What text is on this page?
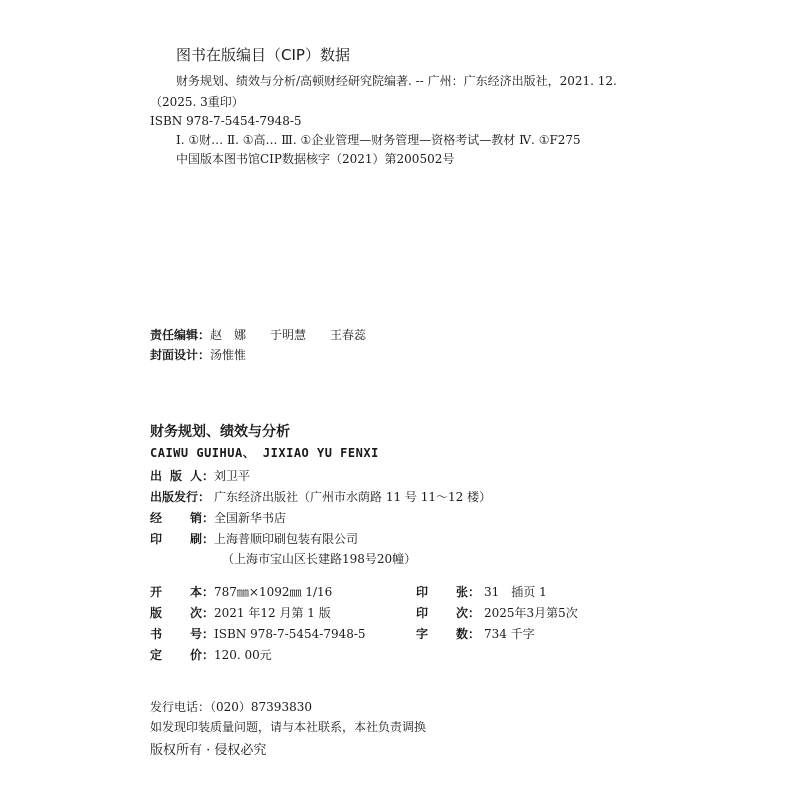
图书在版编目（CIP）数据
财务规划、绩效与分析/高顿财经研究院编著. -- 广州：广东经济出版社，2021. 12.
（2025. 3重印）
ISBN 978-7-5454-7948-5
Ⅰ. ①财… Ⅱ. ①高… Ⅲ. ①企业管理—财务管理—资格考试—教材 Ⅳ. ①F275
中国版本图书馆CIP数据核字（2021）第200502号
责任编辑：赵　娜　　于明慧　　王春蕊
封面设计：汤惟惟
财务规划、绩效与分析
CAIWU GUIHUA、 JIXIAO YU FENXI
出 版 人： 刘卫平
出版发行： 广东经济出版社（广州市水荫路 11 号 11～12 楼）
经 销： 全国新华书店
印 刷： 上海普顺印刷包装有限公司
（上海市宝山区长建路198号20幢）
开 本： 787㎜×1092㎜ 1/16	印 张： 31　插页 1
版 次： 2021 年12 月第 1 版	印 次： 2025年3月第5次
书 号： ISBN 978-7-5454-7948-5	字 数： 734 千字
定 价： 120. 00元
发行电话：（020）87393830
如发现印装质量问题，请与本社联系，本社负责调换
版权所有 · 侵权必究
